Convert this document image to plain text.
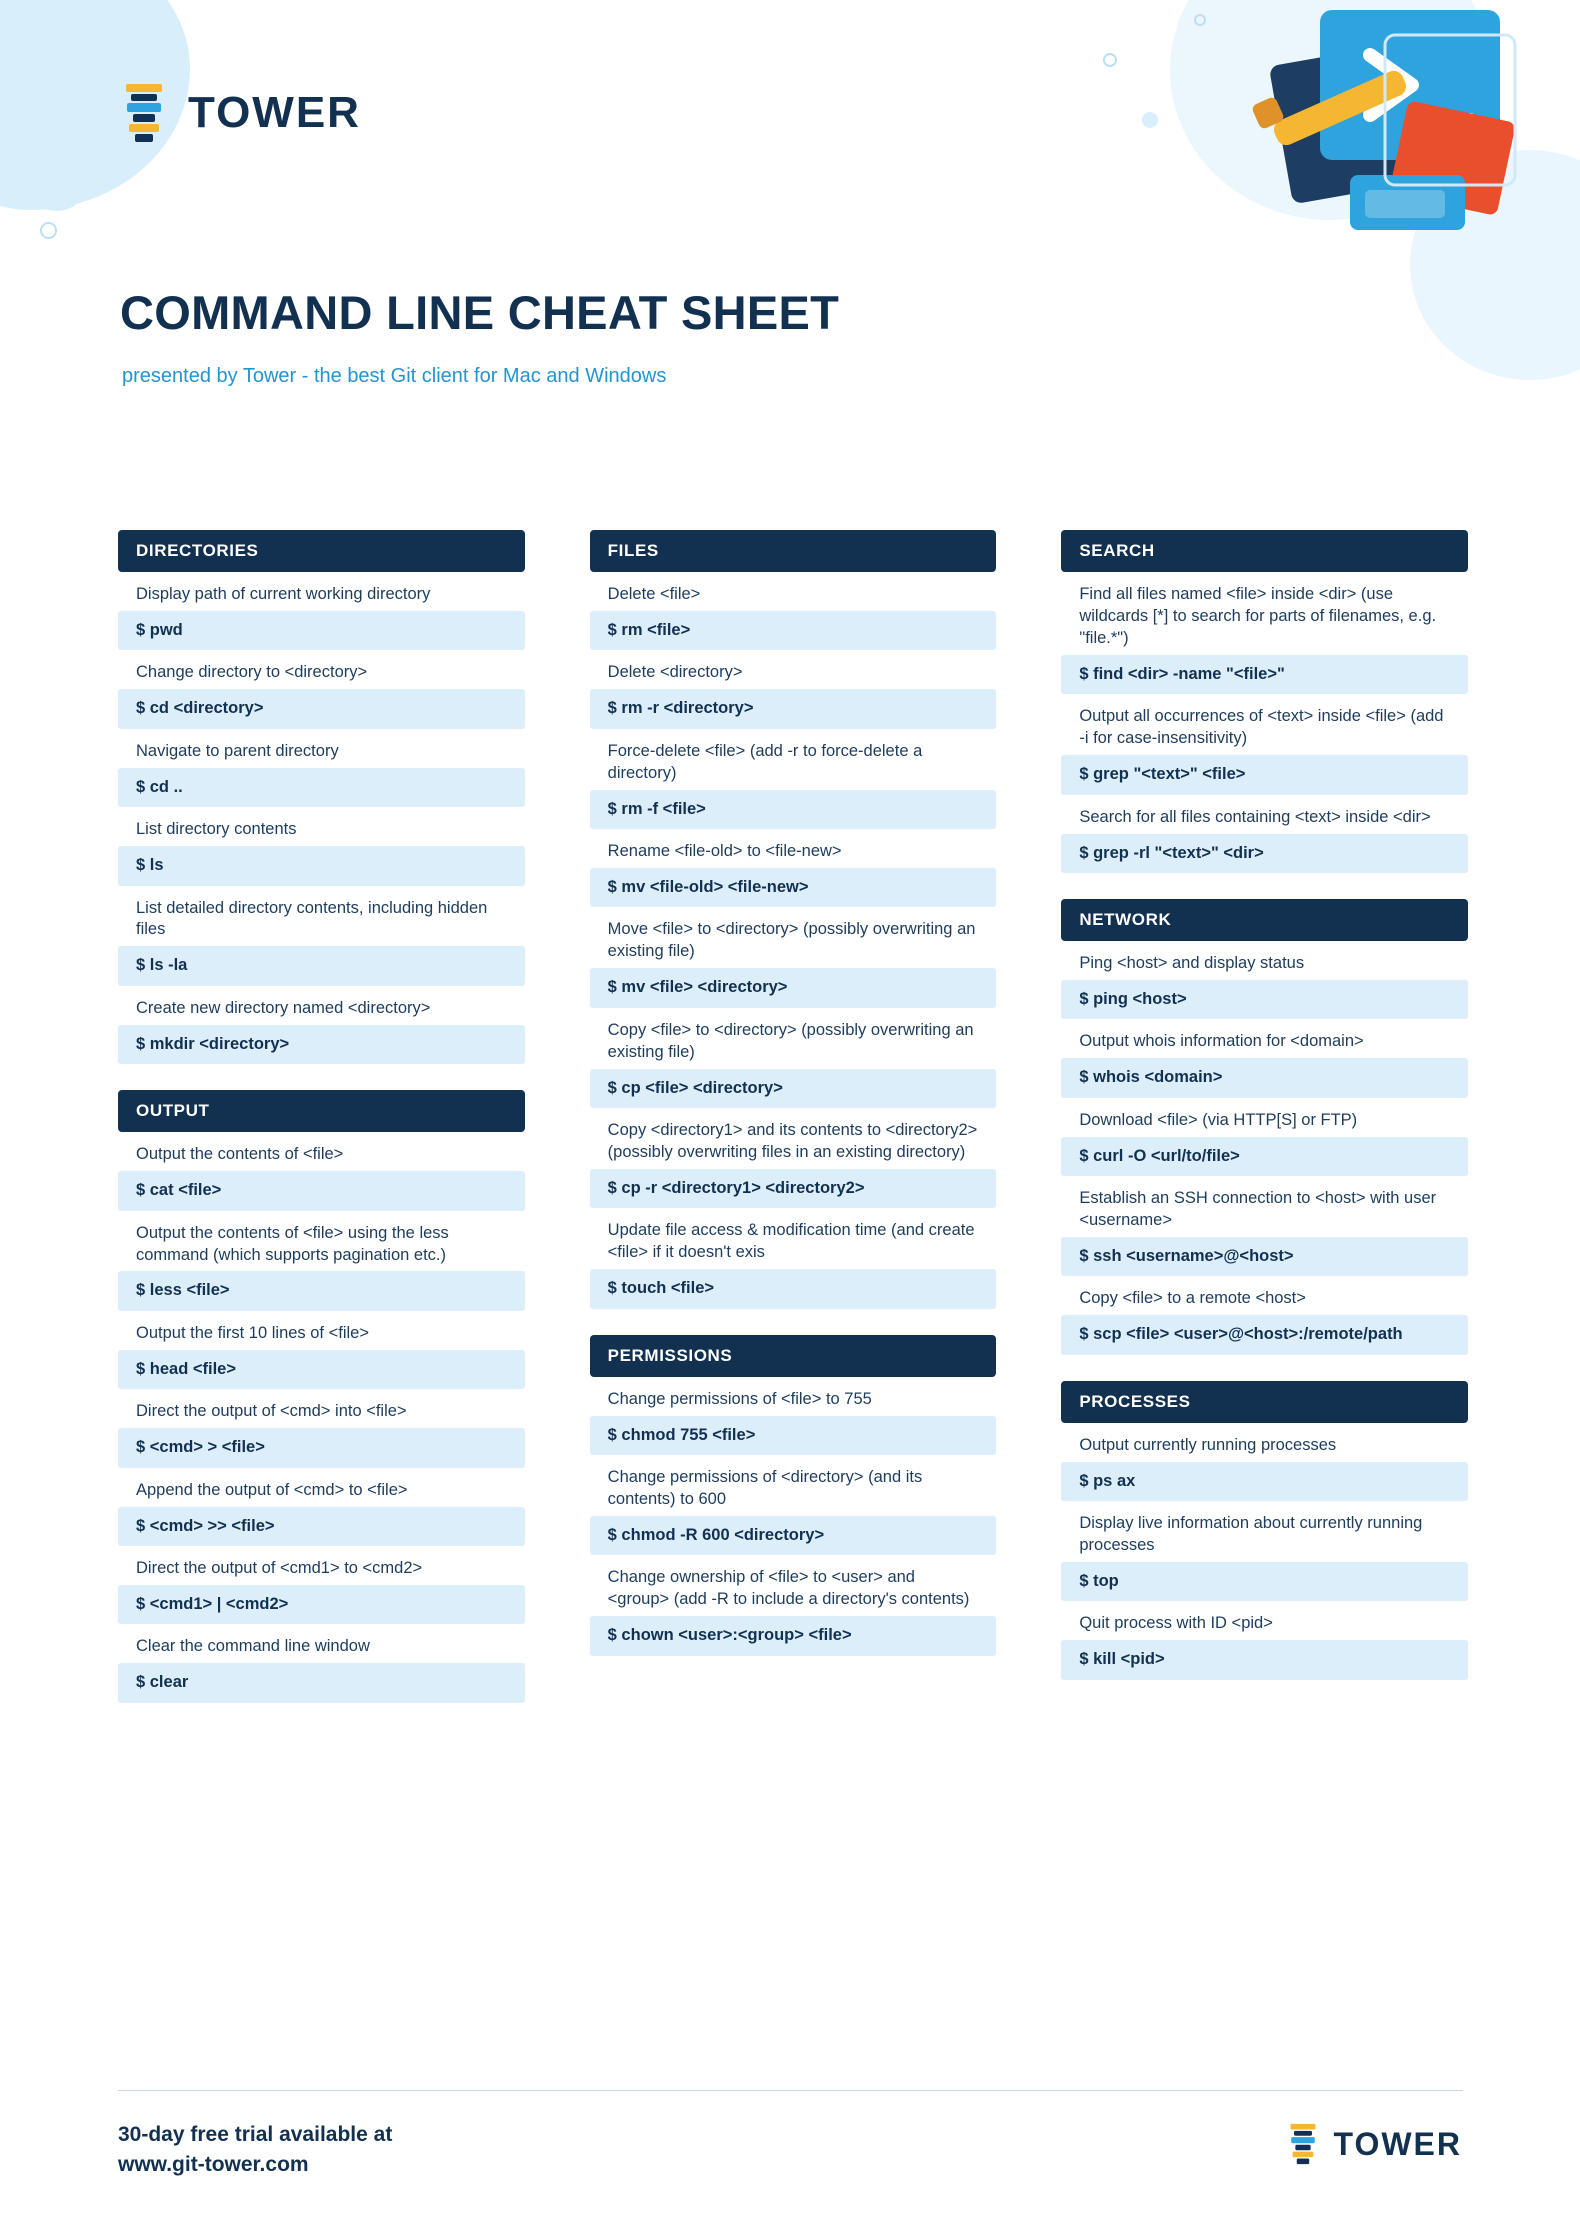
TOWER
COMMAND LINE CHEAT SHEET
presented by Tower - the best Git client for Mac and Windows
DIRECTORIES
Display path of current working directory
$ pwd
Change directory to <directory>
$ cd <directory>
Navigate to parent directory
$ cd ..
List directory contents
$ ls
List detailed directory contents, including hidden files
$ ls -la
Create new directory named <directory>
$ mkdir <directory>
OUTPUT
Output the contents of <file>
$ cat <file>
Output the contents of <file> using the less command (which supports pagination etc.)
$ less <file>
Output the first 10 lines of <file>
$ head <file>
Direct the output of <cmd> into <file>
$ <cmd> > <file>
Append the output of <cmd> to <file>
$ <cmd> >> <file>
Direct the output of <cmd1> to <cmd2>
$ <cmd1> | <cmd2>
Clear the command line window
$ clear
FILES
Delete <file>
$ rm <file>
Delete <directory>
$ rm -r <directory>
Force-delete <file> (add -r to force-delete a directory)
$ rm -f <file>
Rename <file-old> to <file-new>
$ mv <file-old> <file-new>
Move <file> to <directory> (possibly overwriting an existing file)
$ mv <file> <directory>
Copy <file> to <directory> (possibly overwriting an existing file)
$ cp <file> <directory>
Copy <directory1> and its contents to <directory2> (possibly overwriting files in an existing directory)
$ cp -r <directory1> <directory2>
Update file access & modification time (and create <file> if it doesn't exis
$ touch <file>
PERMISSIONS
Change permissions of <file> to 755
$ chmod 755 <file>
Change permissions of <directory> (and its contents) to 600
$ chmod -R 600 <directory>
Change ownership of <file> to <user> and <group> (add -R to include a directory's contents)
$ chown <user>:<group> <file>
SEARCH
Find all files named <file> inside <dir> (use wildcards [*] to search for parts of filenames, e.g. "file.*")
$ find <dir> -name "<file>"
Output all occurrences of <text> inside <file> (add -i for case-insensitivity)
$ grep "<text>" <file>
Search for all files containing <text> inside <dir>
$ grep -rl "<text>" <dir>
NETWORK
Ping <host> and display status
$ ping <host>
Output whois information for <domain>
$ whois <domain>
Download <file> (via HTTP[S] or FTP)
$ curl -O <url/to/file>
Establish an SSH connection to <host> with user <username>
$ ssh <username>@<host>
Copy <file> to a remote <host>
$ scp <file> <user>@<host>:/remote/path
PROCESSES
Output currently running processes
$ ps ax
Display live information about currently running processes
$ top
Quit process with ID <pid>
$ kill <pid>
30-day free trial available at
www.git-tower.com
TOWER
